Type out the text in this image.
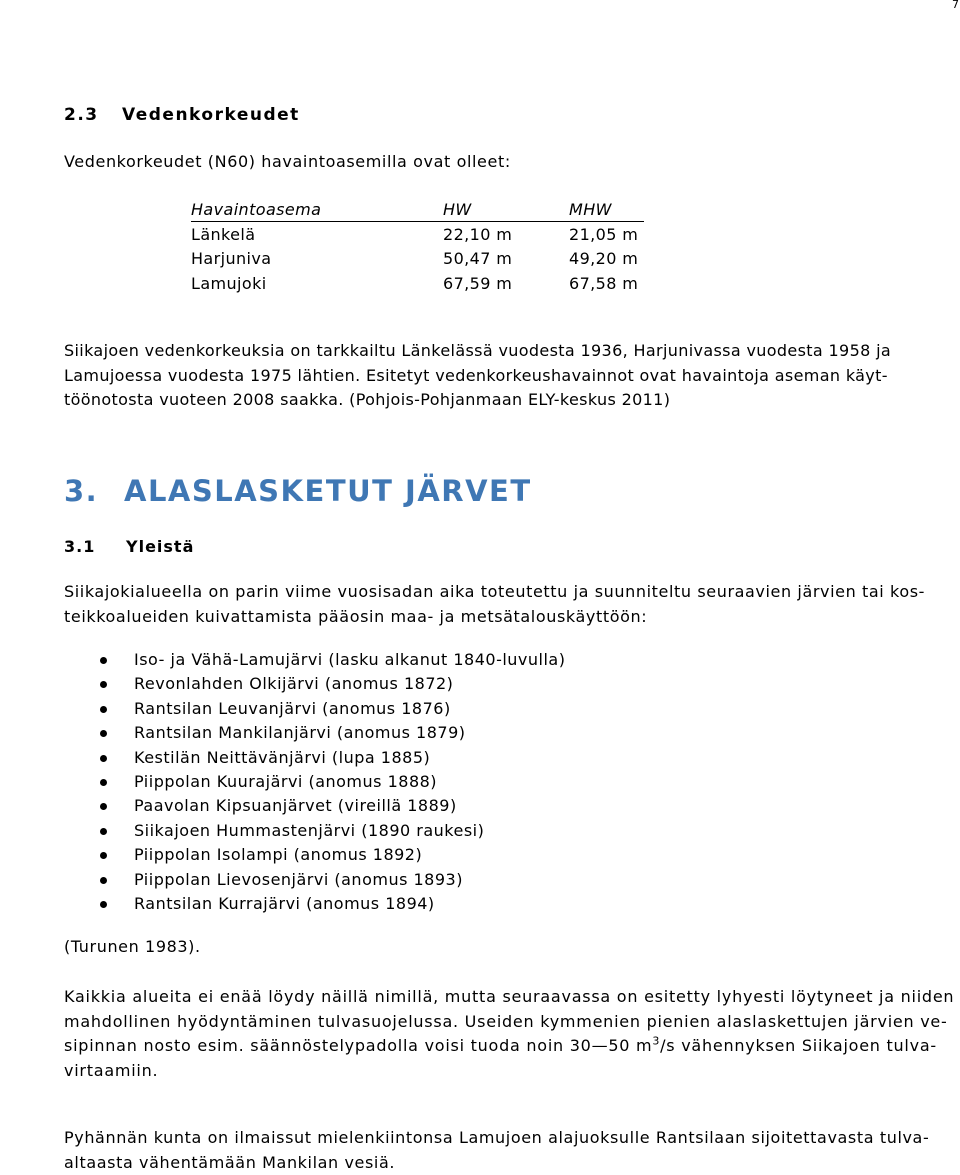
7
2.3 Vedenkorkeudet
Vedenkorkeudet (N60) havaintoasemilla ovat olleet:
Havaintoasema	HW	MHW
Länkelä	22,10 m	21,05 m
Harjuniva	50,47 m	49,20 m
Lamujoki	67,59 m	67,58 m
Siikajoen vedenkorkeuksia on tarkkailtu Länkelässä vuodesta 1936, Harjunivassa vuodesta 1958 ja Lamujoessa vuodesta 1975 lähtien. Esitetyt vedenkorkeushavainnot ovat havaintoja aseman käyttöönotosta vuoteen 2008 saakka. (Pohjois-Pohjanmaan ELY-keskus 2011)
3. ALASLASKETUT JÄRVET
3.1 Yleistä
Siikajokialueella on parin viime vuosisadan aika toteutettu ja suunniteltu seuraavien järvien tai kosteikkoalueiden kuivattamista pääosin maa- ja metsätalouskäyttöön:
Iso- ja Vähä-Lamujärvi (lasku alkanut 1840-luvulla)
Revonlahden Olkijärvi (anomus 1872)
Rantsilan Leuvanjärvi (anomus 1876)
Rantsilan Mankilanjärvi (anomus 1879)
Kestilän Neittävänjärvi (lupa 1885)
Piippolan Kuurajärvi (anomus 1888)
Paavolan Kipsuanjärvet (vireillä 1889)
Siikajoen Hummastenjärvi (1890 raukesi)
Piippolan Isolampi (anomus 1892)
Piippolan Lievosenjärvi (anomus 1893)
Rantsilan Kurrajärvi (anomus 1894)
(Turunen 1983).
Kaikkia alueita ei enää löydy näillä nimillä, mutta seuraavassa on esitetty lyhyesti löytyneet ja niiden mahdollinen hyödyntäminen tulvasuojelussa. Useiden kymmenien pienien alaslaskettujen järvien vesipinnan nosto esim. säännöstelypadolla voisi tuoda noin 30—50 $m^3/s$ vähennyksen Siikajoen tulvavirtaamiin.
Pyhännän kunta on ilmaissut mielenkiintonsa Lamujoen alajuoksulle Rantsilaan sijoitettavasta tulvaaltaasta vähentämään Mankilan vesiä.
